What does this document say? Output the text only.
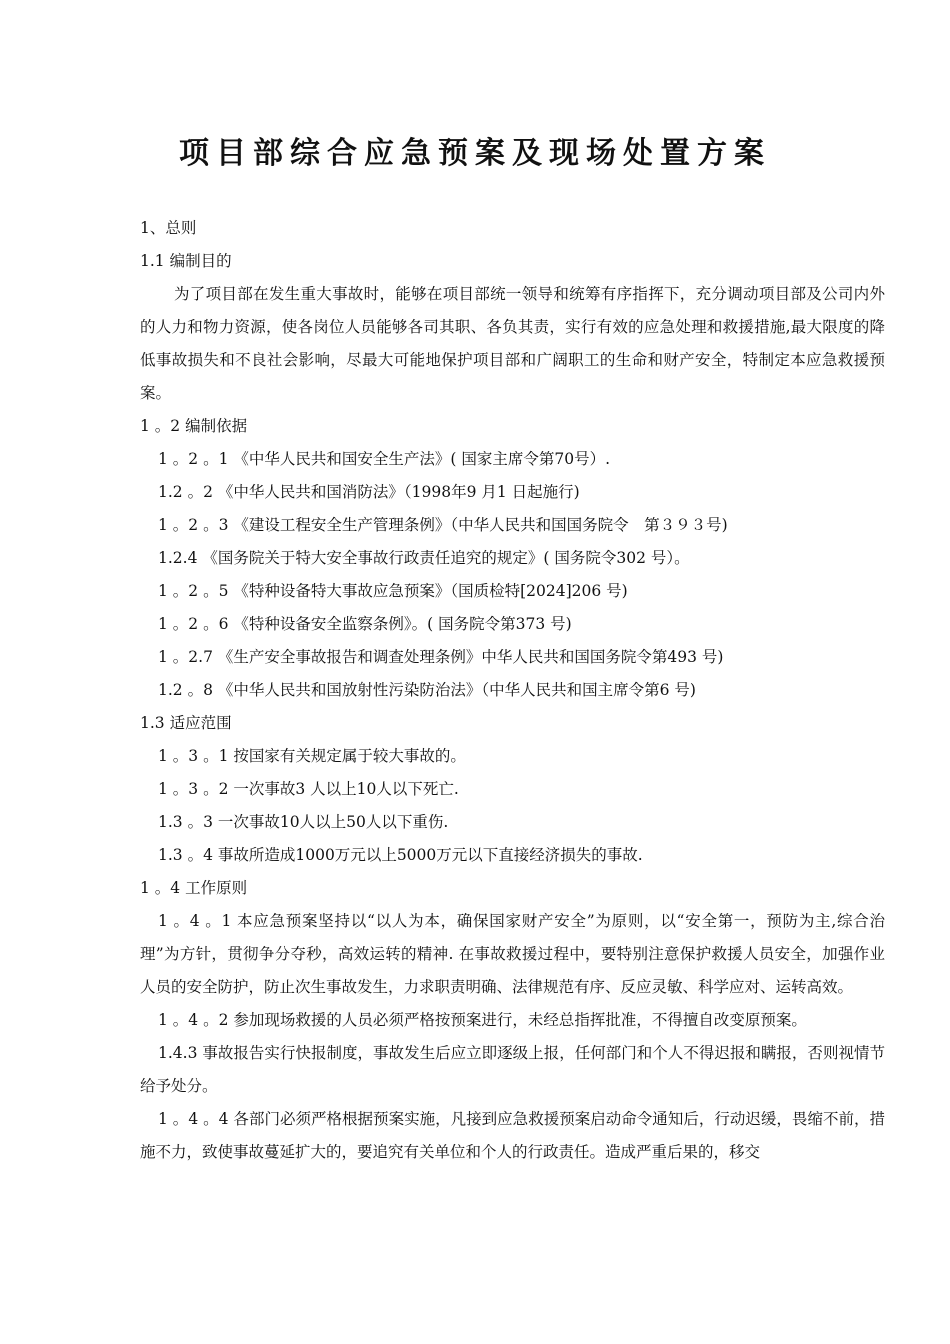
项目部综合应急预案及现场处置方案

1、总则

1.1 编制目的

为了项目部在发生重大事故时，能够在项目部统一领导和统筹有序指挥下，充分调动项目部及公司内外的人力和物力资源，使各岗位人员能够各司其职、各负其责，实行有效的应急处理和救援措施,最大限度的降低事故损失和不良社会影响，尽最大可能地保护项目部和广阔职工的生命和财产安全，特制定本应急救援预案。

1 。2 编制依据

1 。2 。1 《中华人民共和国安全生产法》( 国家主席令第70号）.

1.2 。2 《中华人民共和国消防法》（1998年9 月1 日起施行)

1 。2 。3 《建设工程安全生产管理条例》（中华人民共和国国务院令　第３９３号)

1.2.4 《国务院关于特大安全事故行政责任追究的规定》( 国务院令302 号）。

1 。2 。5 《特种设备特大事故应急预案》（国质检特[2024]206 号)

1 。2 。6 《特种设备安全监察条例》。( 国务院令第373 号)

1 。2.7 《生产安全事故报告和调查处理条例》中华人民共和国国务院令第493 号)

1.2 。8 《中华人民共和国放射性污染防治法》（中华人民共和国主席令第6 号)

1.3 适应范围

1 。3 。1 按国家有关规定属于较大事故的。

1 。3 。2 一次事故3 人以上10人以下死亡.

1.3 。3 一次事故10人以上50人以下重伤.

1.3 。4 事故所造成1000万元以上5000万元以下直接经济损失的事故.

1 。4 工作原则

1 。4 。1 本应急预案坚持以“以人为本，确保国家财产安全”为原则，以“安全第一，预防为主,综合治理”为方针，贯彻争分夺秒，高效运转的精神. 在事故救援过程中，要特别注意保护救援人员安全，加强作业人员的安全防护，防止次生事故发生，力求职责明确、法律规范有序、反应灵敏、科学应对、运转高效。

1 。4 。2 参加现场救援的人员必须严格按预案进行，未经总指挥批准，不得擅自改变原预案。

1.4.3 事故报告实行快报制度，事故发生后应立即逐级上报，任何部门和个人不得迟报和瞒报，否则视情节给予处分。

1 。4 。4 各部门必须严格根据预案实施，凡接到应急救援预案启动命令通知后，行动迟缓，畏缩不前，措施不力，致使事故蔓延扩大的，要追究有关单位和个人的行政责任。造成严重后果的，移交
